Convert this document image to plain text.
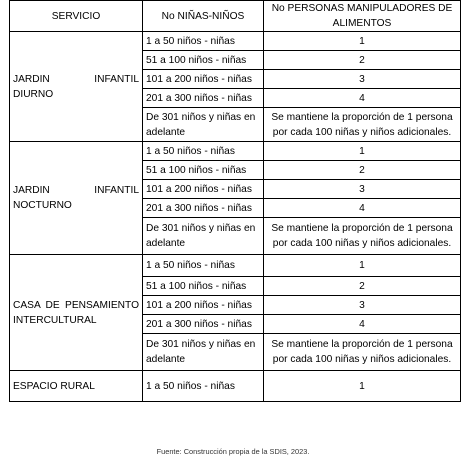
SERVICIO	No NIÑAS-NIÑOS	No PERSONAS MANIPULADORES DE ALIMENTOS

JARDIN INFANTIL
DIURNO	1 a 50 niños - niñas	1
	51 a 100 niños - niñas	2
	101 a 200 niños - niñas	3
	201 a 300 niños - niñas	4
	De 301 niños y niñas en adelante	Se mantiene la proporción de 1 persona por cada 100 niñas y niños adicionales.

JARDIN INFANTIL
NOCTURNO	1 a 50 niños - niñas	1
	51 a 100 niños - niñas	2
	101 a 200 niños - niñas	3
	201 a 300 niños - niñas	4
	De 301 niños y niñas en adelante	Se mantiene la proporción de 1 persona por cada 100 niñas y niños adicionales.

CASA DE PENSAMIENTO
INTERCULTURAL	1 a 50 niños - niñas	1
	51 a 100 niños - niñas	2
	101 a 200 niños - niñas	3
	201 a 300 niños - niñas	4
	De 301 niños y niñas en adelante	Se mantiene la proporción de 1 persona por cada 100 niñas y niños adicionales.

ESPACIO RURAL	1 a 50 niños - niñas	1
Fuente: Construcción propia de la SDIS, 2023.
